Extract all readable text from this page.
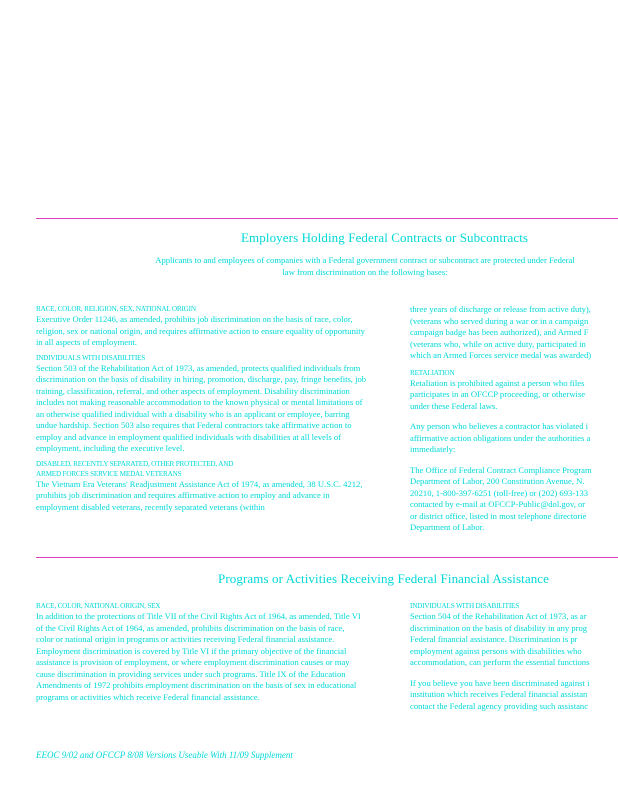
Employers Holding Federal Contracts or Subcontracts
Applicants to and employees of companies with a Federal government contract or subcontract are protected under Federal law from discrimination on the following bases:
RACE, COLOR, RELIGION, SEX, NATIONAL ORIGIN

Executive Order 11246, as amended, prohibits job discrimination on the basis of race, color, religion, sex or national origin, and requires affirmative action to ensure equality of opportunity in all aspects of employment.

INDIVIDUALS WITH DISABILITIES

Section 503 of the Rehabilitation Act of 1973, as amended, protects qualified individuals from discrimination on the basis of disability in hiring, promotion, discharge, pay, fringe benefits, job training, classification, referral, and other aspects of employment. Disability discrimination includes not making reasonable accommodation to the known physical or mental limitations of an otherwise qualified individual with a disability who is an applicant or employee, barring undue hardship. Section 503 also requires that Federal contractors take affirmative action to employ and advance in employment qualified individuals with disabilities at all levels of employment, including the executive level.

DISABLED, RECENTLY SEPARATED, OTHER PROTECTED, AND ARMED FORCES SERVICE MEDAL VETERANS

The Vietnam Era Veterans' Readjustment Assistance Act of 1974, as amended, 38 U.S.C. 4212, prohibits job discrimination and requires affirmative action to employ and advance in employment disabled veterans, recently separated veterans (within

three years of discharge or release from active duty),
(veterans who served during a war or in a campaign
campaign badge has been authorized), and Armed F
(veterans who, while on active duty, participated in
which an Armed Forces service medal was awarded)
RETALIATION
Retaliation is prohibited against a person who files
participates in an OFCCP proceeding, or otherwise
under these Federal laws.
Any person who believes a contractor has violated i
affirmative action obligations under the authorities a
immediately:
The Office of Federal Contract Compliance Program
Department of Labor, 200 Constitution Avenue, N.
20210, 1-800-397-6251 (toll-free) or (202) 693-133
contacted by e-mail at OFCCP-Public@dol.gov, or
or district office, listed in most telephone directorie
Department of Labor.
Programs or Activities Receiving Federal Financial Assistance
RACE, COLOR, NATIONAL ORIGIN, SEX

In addition to the protections of Title VII of the Civil Rights Act of 1964, as amended, Title VI of the Civil Rights Act of 1964, as amended, prohibits discrimination on the basis of race, color or national origin in programs or activities receiving Federal financial assistance. Employment discrimination is covered by Title VI if the primary objective of the financial assistance is provision of employment, or where employment discrimination causes or may cause discrimination in providing services under such programs. Title IX of the Education Amendments of 1972 prohibits employment discrimination on the basis of sex in educational programs or activities which receive Federal financial assistance.

INDIVIDUALS WITH DISABILITIES
Section 504 of the Rehabilitation Act of 1973, as ar
discrimination on the basis of disability in any prog
Federal financial assistance. Discrimination is pr
employment against persons with disabilities who
accommodation, can perform the essential functions
If you believe you have been discriminated against i
institution which receives Federal financial assistan
contact the Federal agency providing such assistanc
EEOC 9/02 and OFCCP 8/08 Versions Useable With 11/09 Supplement
